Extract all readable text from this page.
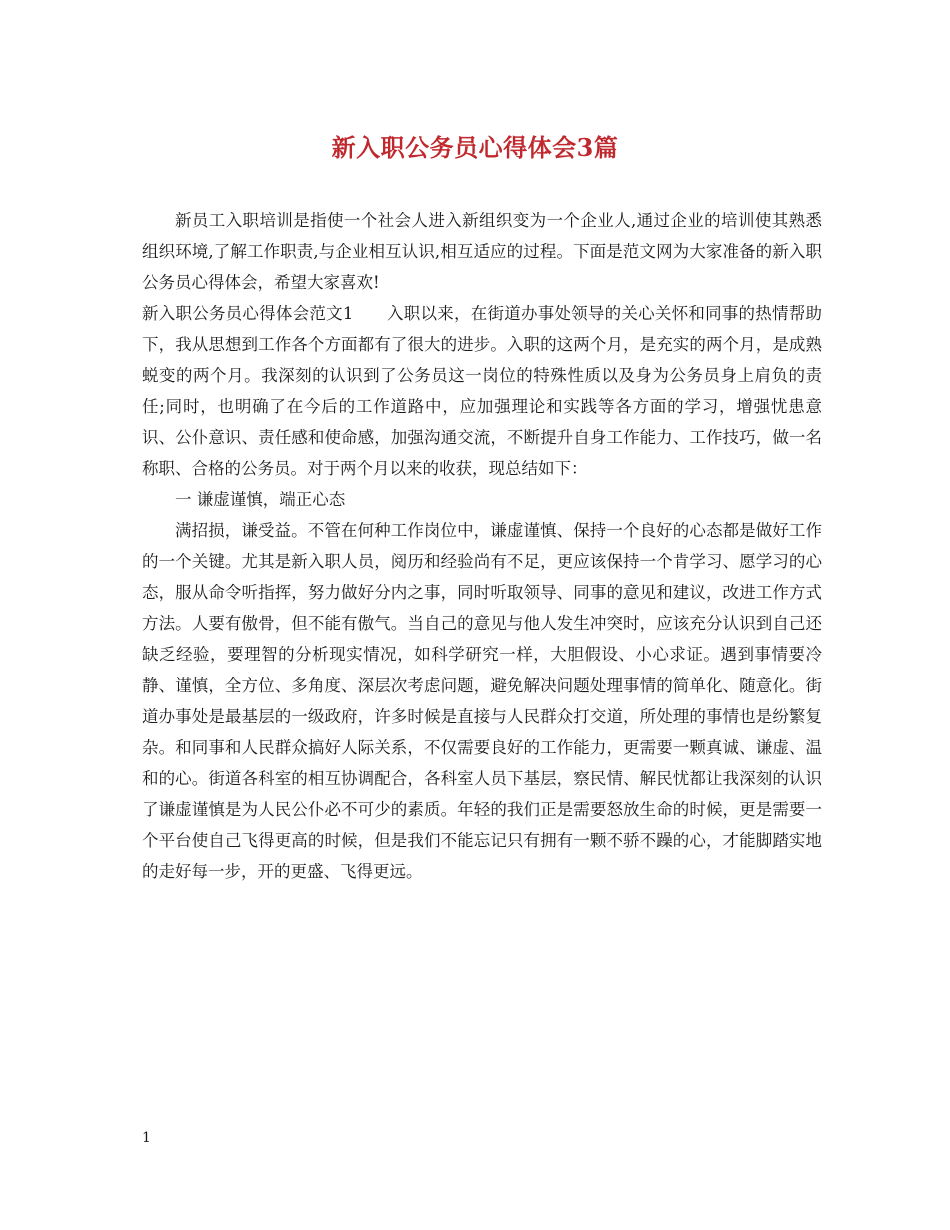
新入职公务员心得体会3篇

新员工入职培训是指使一个社会人进入新组织变为一个企业人,通过企业的培训使其熟悉组织环境,了解工作职责,与企业相互认识,相互适应的过程。下面是范文网为大家准备的新入职公务员心得体会，希望大家喜欢!

新入职公务员心得体会范文1　　入职以来，在街道办事处领导的关心关怀和同事的热情帮助下，我从思想到工作各个方面都有了很大的进步。入职的这两个月，是充实的两个月，是成熟蜕变的两个月。我深刻的认识到了公务员这一岗位的特殊性质以及身为公务员身上肩负的责任;同时，也明确了在今后的工作道路中，应加强理论和实践等各方面的学习，增强忧患意识、公仆意识、责任感和使命感，加强沟通交流，不断提升自身工作能力、工作技巧，做一名称职、合格的公务员。对于两个月以来的收获，现总结如下：

一 谦虚谨慎，端正心态

满招损，谦受益。不管在何种工作岗位中，谦虚谨慎、保持一个良好的心态都是做好工作的一个关键。尤其是新入职人员，阅历和经验尚有不足，更应该保持一个肯学习、愿学习的心态，服从命令听指挥，努力做好分内之事，同时听取领导、同事的意见和建议，改进工作方式方法。人要有傲骨，但不能有傲气。当自己的意见与他人发生冲突时，应该充分认识到自己还缺乏经验，要理智的分析现实情况，如科学研究一样，大胆假设、小心求证。遇到事情要冷静、谨慎，全方位、多角度、深层次考虑问题，避免解决问题处理事情的简单化、随意化。街道办事处是最基层的一级政府，许多时候是直接与人民群众打交道，所处理的事情也是纷繁复杂。和同事和人民群众搞好人际关系，不仅需要良好的工作能力，更需要一颗真诚、谦虚、温和的心。街道各科室的相互协调配合，各科室人员下基层，察民情、解民忧都让我深刻的认识了谦虚谨慎是为人民公仆必不可少的素质。年轻的我们正是需要怒放生命的时候，更是需要一个平台使自己飞得更高的时候，但是我们不能忘记只有拥有一颗不骄不躁的心，才能脚踏实地的走好每一步，开的更盛、飞得更远。

1
